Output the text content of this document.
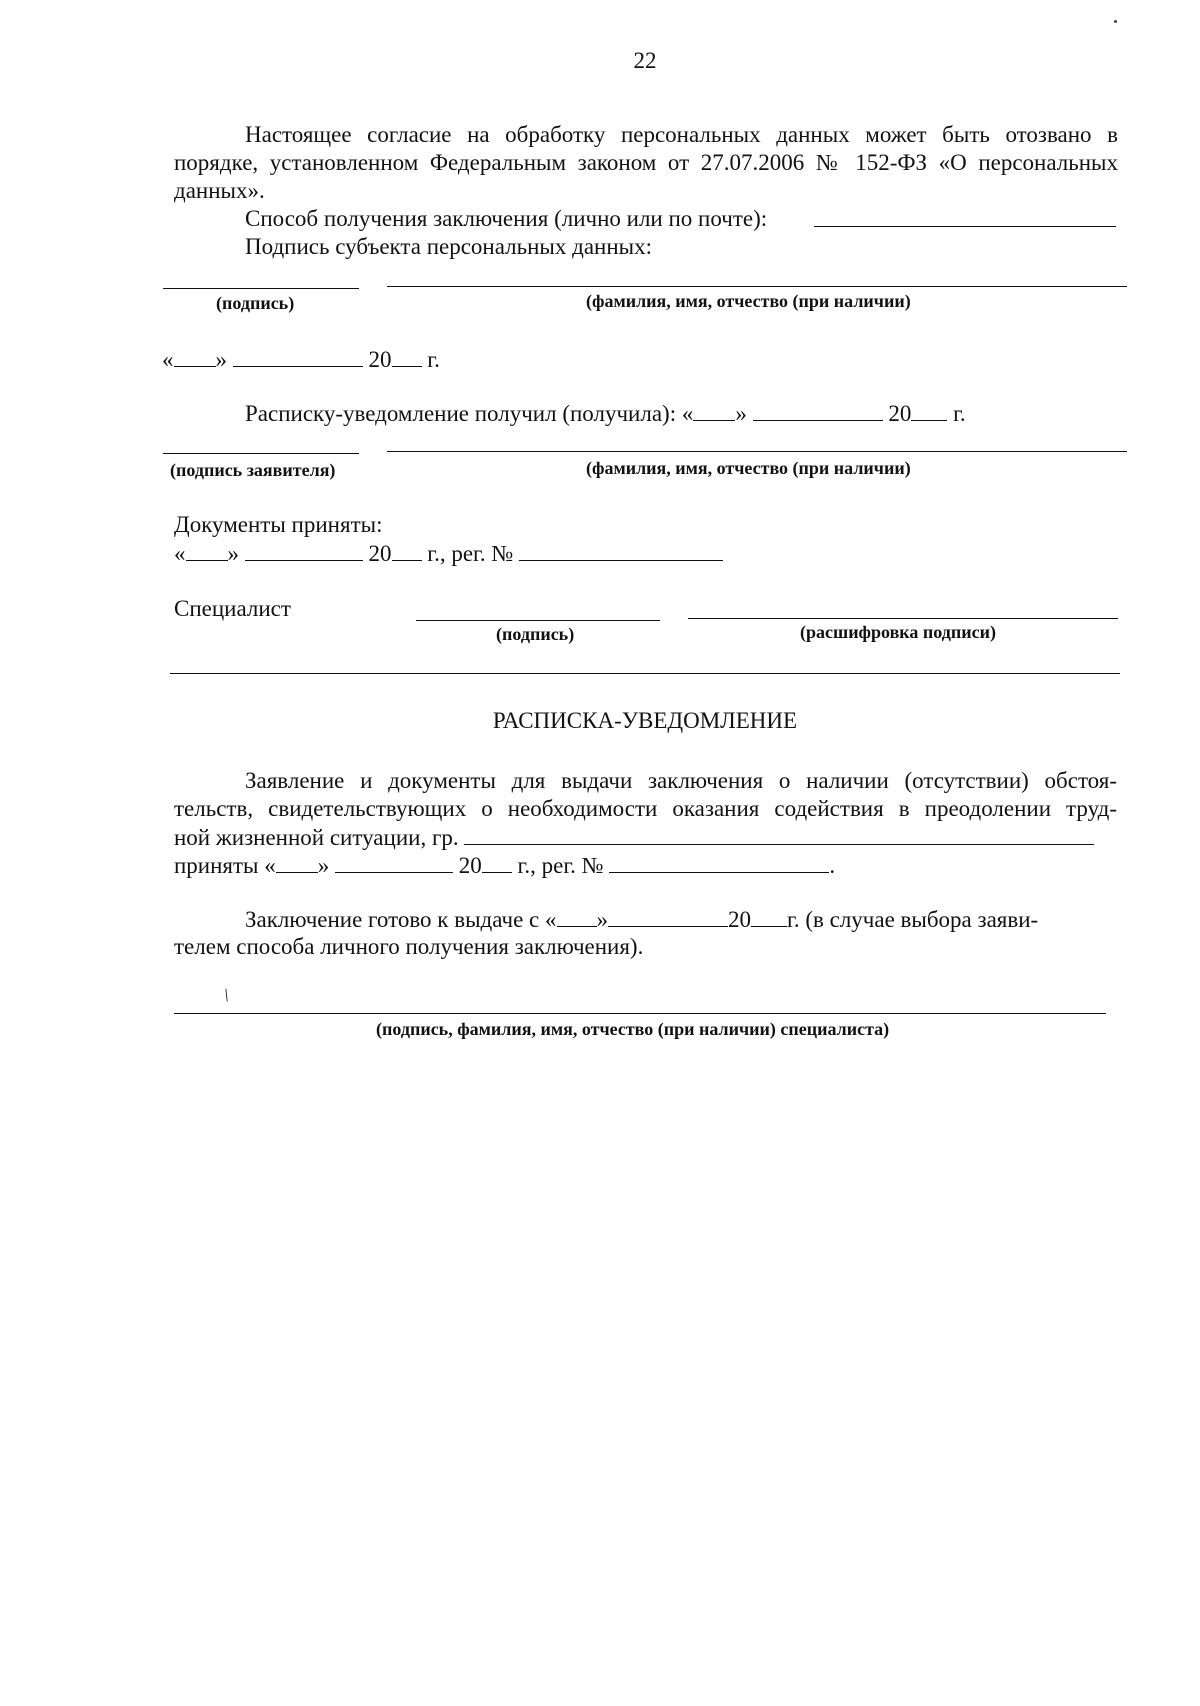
22
Настоящее согласие на обработку персональных данных может быть отозвано в
порядке, установленном Федеральным законом от 27.07.2006 № 152-ФЗ «О персональных
данных».
Способ получения заключения (лично или по почте):
Подпись субъекта персональных данных:
(подпись)	(фамилия, имя, отчество (при наличии)
« »	20 г.
Расписку-уведомление получил (получила): « »	20 г.
(подпись заявителя)	(фамилия, имя, отчество (при наличии)
Документы приняты:
« »	20 г., рег. №
Специалист
(подпись)	(расшифровка подписи)
РАСПИСКА-УВЕДОМЛЕНИЕ
Заявление и документы для выдачи заключения о наличии (отсутствии) обстоя-
тельств, свидетельствующих о необходимости оказания содействия в преодолении труд-
ной жизненной ситуации, гр.
приняты « »	20 г., рег. №	.
Заключение готово к выдаче с « »	20 г. (в случае выбора заяви-
телем способа личного получения заключения).
/
(подпись, фамилия, имя, отчество (при наличии) специалиста)
